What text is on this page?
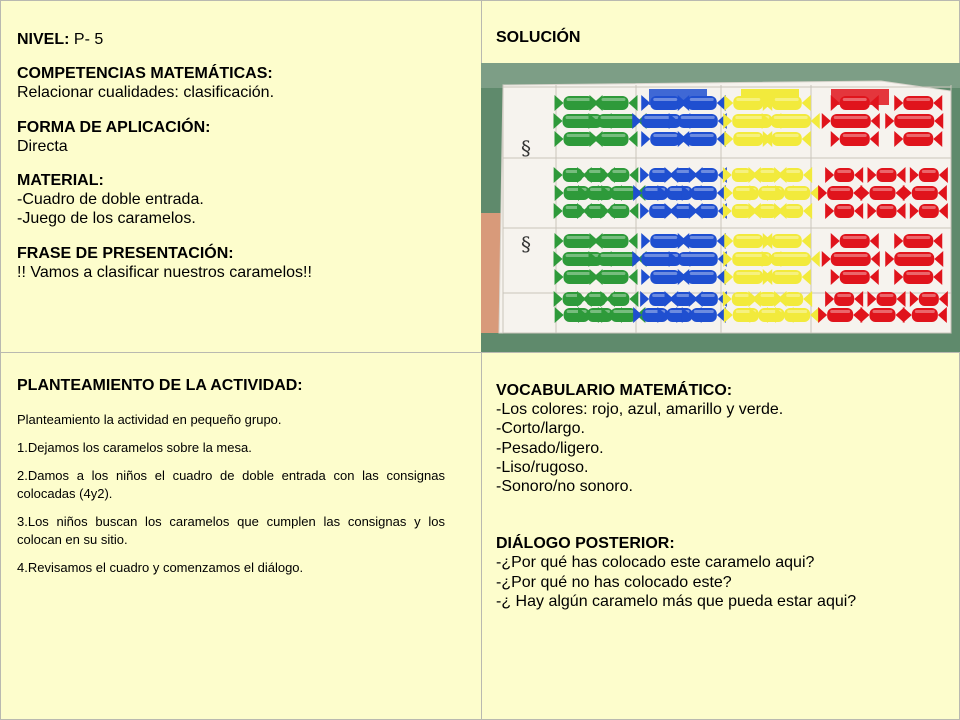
NIVEL: P- 5
COMPETENCIAS MATEMÁTICAS:
Relacionar cualidades: clasificación.
FORMA DE APLICACIÓN:
Directa
MATERIAL:
-Cuadro de doble entrada.
-Juego de los caramelos.
FRASE DE PRESENTACIÓN:
!! Vamos a clasificar nuestros caramelos!!
SOLUCIÓN
§
§
PLANTEAMIENTO DE LA ACTIVIDAD:
Planteamiento la actividad en pequeño grupo.
1.Dejamos los caramelos sobre la mesa.
2.Damos a los niños el cuadro de doble entrada con las consignas colocadas (4y2).
3.Los niños buscan los caramelos que cumplen las consignas y los colocan en su sitio.
4.Revisamos el cuadro y comenzamos el diálogo.
VOCABULARIO MATEMÁTICO:
-Los colores: rojo, azul, amarillo y verde.
-Corto/largo.
-Pesado/ligero.
-Liso/rugoso.
-Sonoro/no sonoro.
DIÁLOGO POSTERIOR:
-¿Por qué has colocado este caramelo aqui?
-¿Por qué no has colocado este?
-¿ Hay algún caramelo más que pueda estar aqui?
